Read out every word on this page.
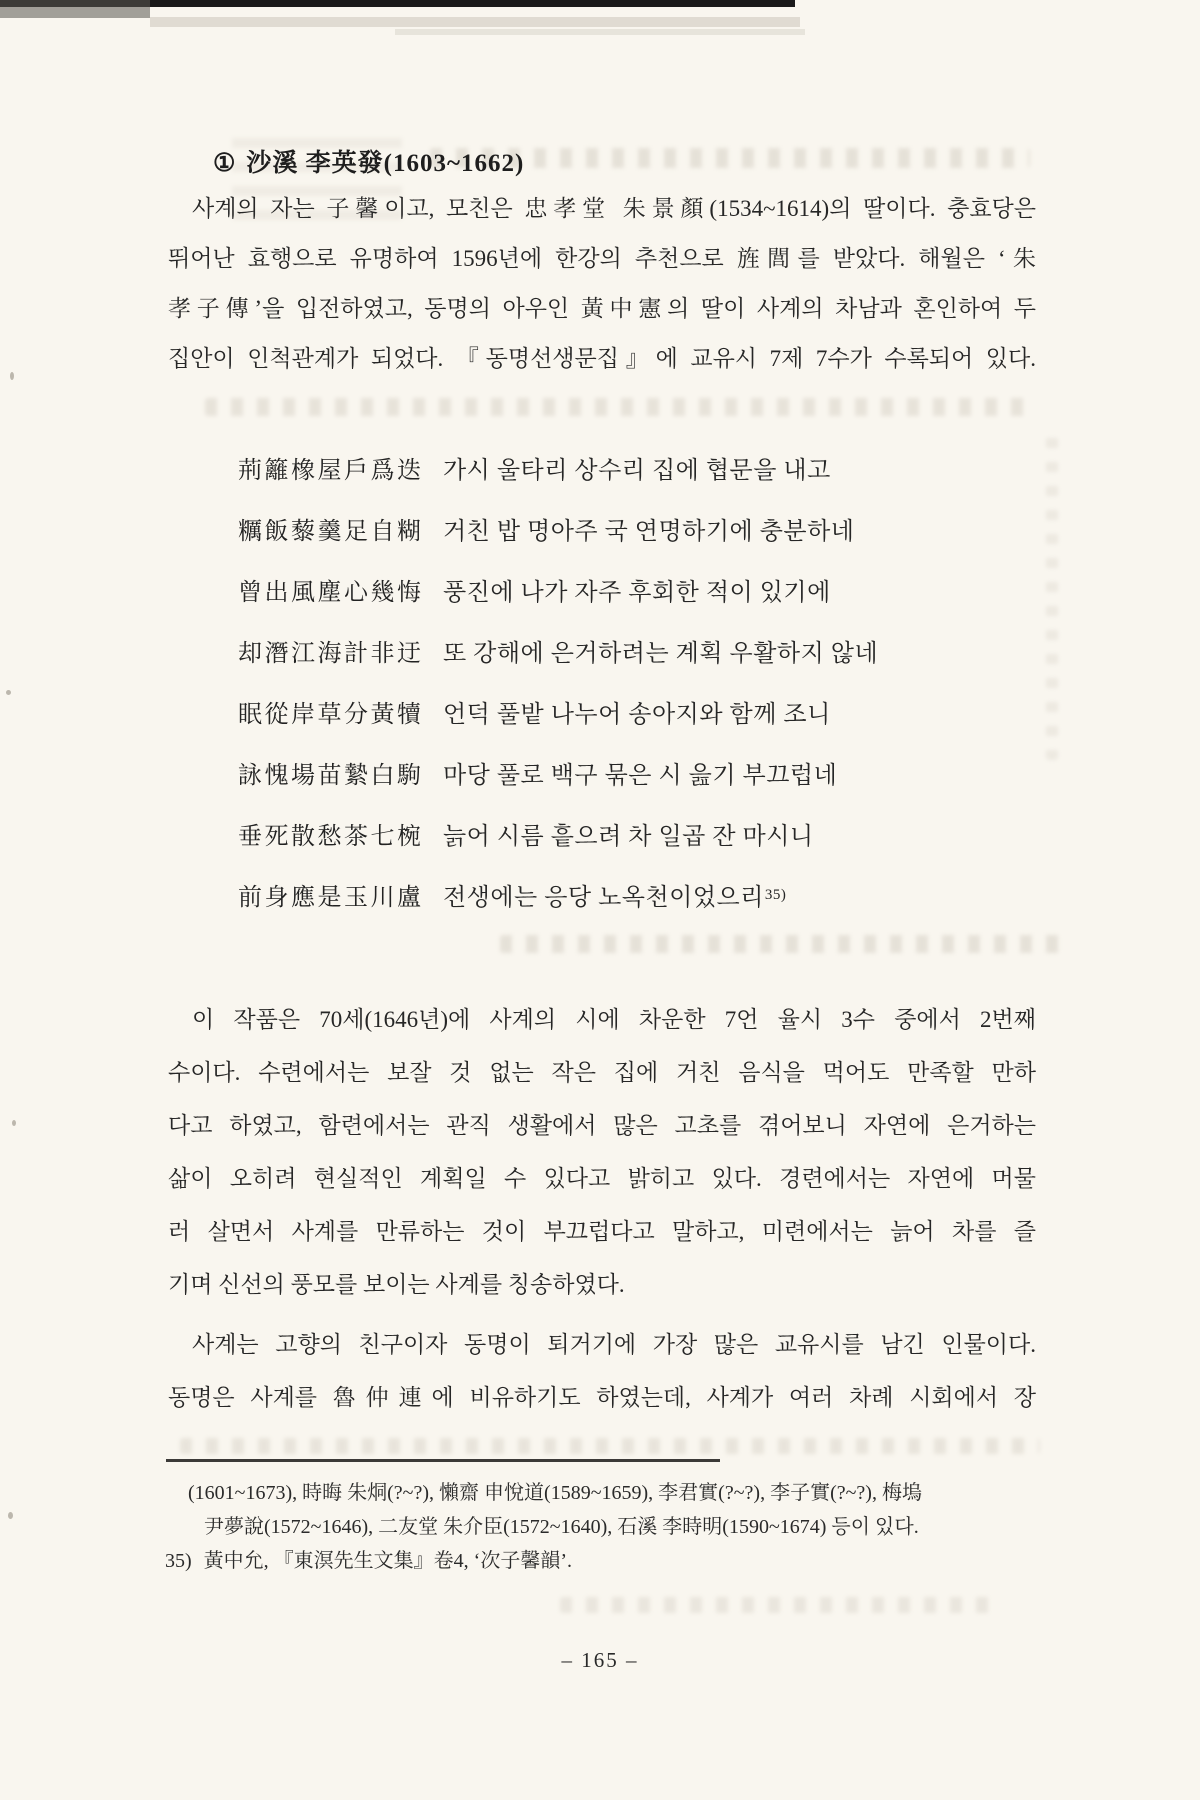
① 沙溪 李英發(1603~1662)
사계의 자는 子馨이고, 모친은 忠孝堂 朱景顏(1534~1614)의 딸이다. 충효당은
뛰어난 효행으로 유명하여 1596년에 한강의 추천으로 旌閭를 받았다. 해월은 ‘朱
孝子傳’을 입전하였고, 동명의 아우인 黃中憲의 딸이 사계의 차남과 혼인하여 두
집안이 인척관계가 되었다. 『동명선생문집』에 교유시 7제 7수가 수록되어 있다.
荊籬橡屋戶爲迭 가시 울타리 상수리 집에 협문을 내고
糲飯藜羹足自糊 거친 밥 명아주 국 연명하기에 충분하네
曾出風塵心幾悔 풍진에 나가 자주 후회한 적이 있기에
却潛江海計非迂 또 강해에 은거하려는 계획 우활하지 않네
眠從岸草分黃犢 언덕 풀밭 나누어 송아지와 함께 조니
詠愧場苗縶白駒 마당 풀로 백구 묶은 시 읊기 부끄럽네
垂死散愁茶七椀 늙어 시름 흩으려 차 일곱 잔 마시니
前身應是玉川盧 전생에는 응당 노옥천이었으리$^{35)}$
이 작품은 70세(1646년)에 사계의 시에 차운한 7언 율시 3수 중에서 2번째
수이다. 수련에서는 보잘 것 없는 작은 집에 거친 음식을 먹어도 만족할 만하
다고 하였고, 함련에서는 관직 생활에서 많은 고초를 겪어보니 자연에 은거하는
삶이 오히려 현실적인 계획일 수 있다고 밝히고 있다. 경련에서는 자연에 머물
러 살면서 사계를 만류하는 것이 부끄럽다고 말하고, 미련에서는 늙어 차를 즐
기며 신선의 풍모를 보이는 사계를 칭송하였다.
사계는 고향의 친구이자 동명이 퇴거기에 가장 많은 교유시를 남긴 인물이다.
동명은 사계를 魯仲連에 비유하기도 하였는데, 사계가 여러 차례 시회에서 장
(1601~1673), 時晦 朱烔(?~?), 懶齋 申悅道(1589~1659), 李君實(?~?), 李子實(?~?), 梅塢
尹夢說(1572~1646), 二友堂 朱介臣(1572~1640), 石溪 李時明(1590~1674) 등이 있다.
35) 黃中允, 『東溟先生文集』卷4, ‘次子馨韻’.
– 165 –
